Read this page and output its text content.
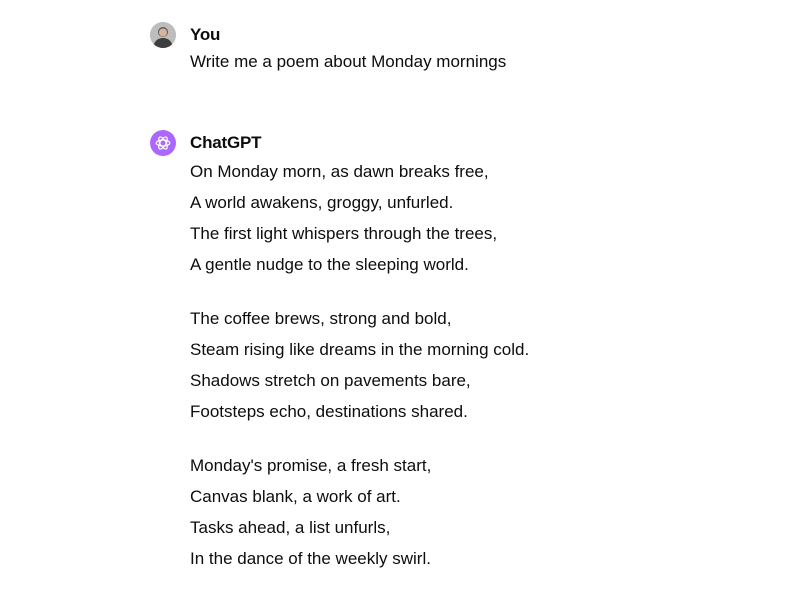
You
Write me a poem about Monday mornings
ChatGPT
On Monday morn, as dawn breaks free,
A world awakens, groggy, unfurled.
The first light whispers through the trees,
A gentle nudge to the sleeping world.
The coffee brews, strong and bold,
Steam rising like dreams in the morning cold.
Shadows stretch on pavements bare,
Footsteps echo, destinations shared.
Monday's promise, a fresh start,
Canvas blank, a work of art.
Tasks ahead, a list unfurls,
In the dance of the weekly swirl.
